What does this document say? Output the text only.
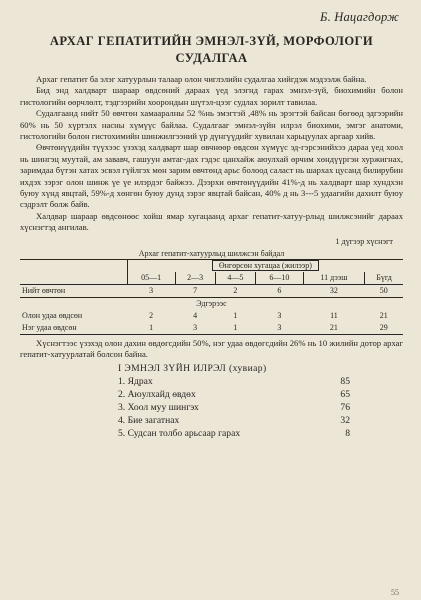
Б. Нацагдорж
АРХАГ ГЕПАТИТИЙН ЭМНЭЛ-ЗҮЙ, МОРФОЛОГИ СУДАЛГАА

Архаг гепатит ба элэг хатуурлын талаар олон чиглэлийн судалгаа хийгдэж мэдээлж байна.

Бид энд халдварт шараар өвдсөний дараах үед элэгнд гарах эмнэл-зүй, биохимийн болон гистологийн өөрчлөлт, тэдгээрийн хоорондын шүтэл-цээг судлах зорилт тавилаа.

Судалгаанд нийт 50 өвчтөн хамааралны 52 %нь эмэгтэй ,48% нь эрэгтэй байсан бөгөөд эдгээрийн 60% нь 50 хүртэлх насны хүмүүс байлаа. Судалгааг эмнэл-зүйн илрэл биохими, эмгэг анатоми, гистологийн болон гистохимийн шинжилгээний үр дүнгүүдийг хувилан харьцуулах аргаар хийв.

Өвчтөнүүдийн түүхээс үзэхэд халдварт шар өвчнөөр өвдсөн хүмүүс эд-гэрсэнийхээ дараа үед хоол нь шингэц муутай, ам зававч, гашуун амтаг-дах гэдэс цанхайж аюулхай өрчим хөндүүргэн хуржигнах, заримдаа бүтэн хатах эсвэл гүйлгэх мөн зарим өвчтөнд арьс болоод саласт нь шархах цусанд билирубин ихдэх зэрэг олон шинж үе үе илэрдэг байжээ. Дээрхи өвчтөнүүдийн 41%-д нь халдварт шар хундхэн буюу хүнд явцтай, 59%-д хөнгөн буюу дунд зэрэг явцтай байсан, 40% д нь 3---5 удаагийн дахилт буюу сэдрэлт болж байв.

Халдвар шараар өвдсөнөөс хойш ямар хугацаанд архаг гепатит-хатуу-рлыд шилжсэнийг дараах хүснэгтэд ангилав.

1 дүгээр хүснэгт
Архаг гепатит-хатуурлыд шилжсэн байдал
	Өнгөрсөн хугацаа (жилээр)					
	05—1	2—3	4—5	6—10	11 дээш	Бүгд
Нийт өвчтөн	3	7	2	6	32	50
Эдгэрээс						
Олон удаа өвдсөн	2	4	1	3	11	21
Нэг удаа өвдсөн	1	3	1	3	21	29

Хүснэгтээс үзэхэд олон дахин өвдөгсдийн 50%, нэг удаа өвдөгсдийн 26% нь 10 жилийн дотор архаг гепатит-хатуурлатай болсон байна.

I ЭМНЭЛ ЗҮЙН ИЛРЭЛ (хувиар)
1. Ядрах	85
2. Аюулхайд өвдөх	65
3. Хоол муу шингэх	76
4. Бие загатнах	32
5. Судсан толбо арьсаар гарах	8
55
